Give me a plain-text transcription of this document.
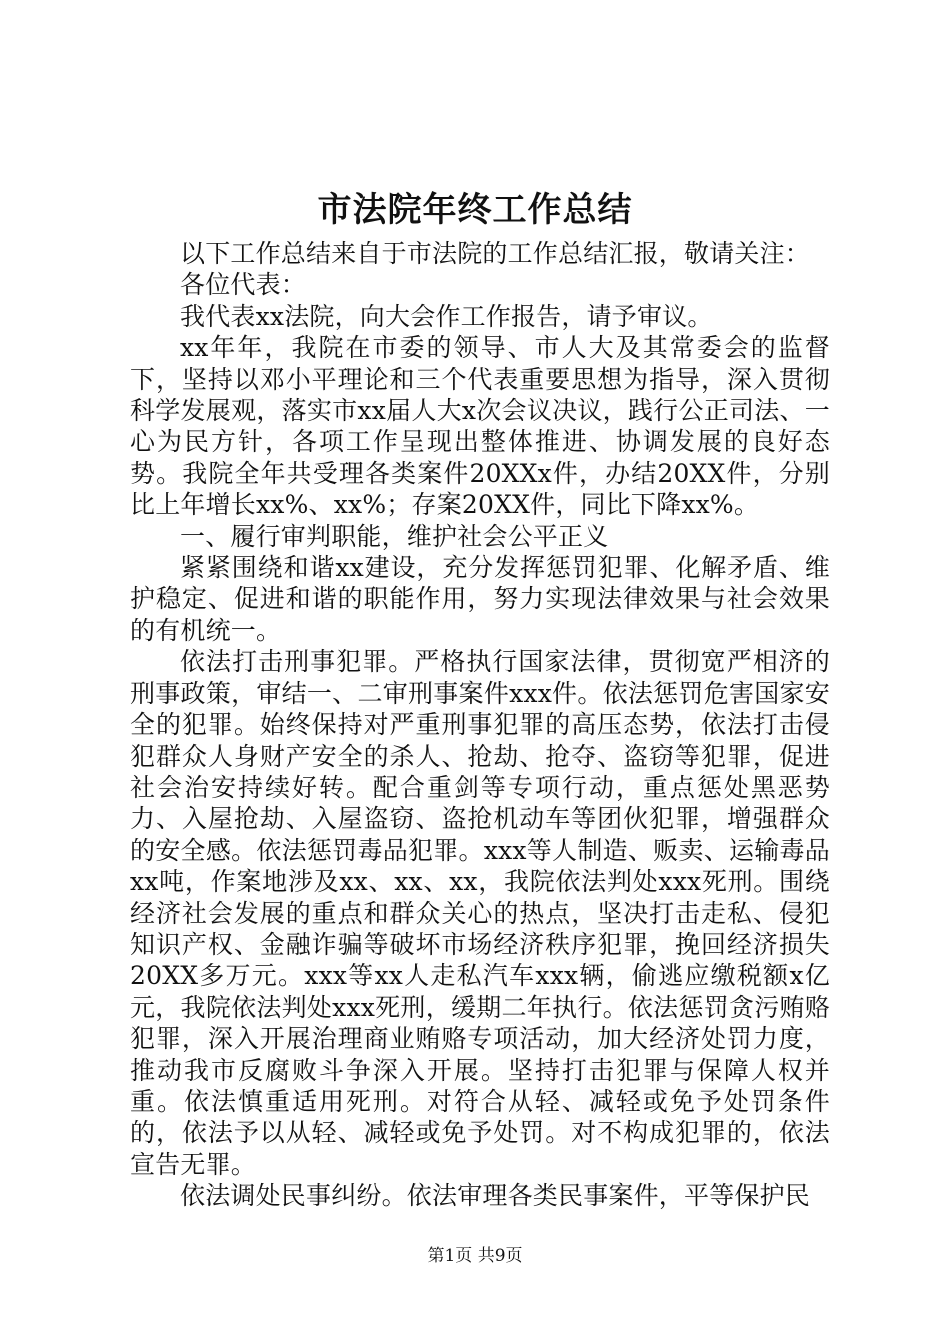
市法院年终工作总结

以下工作总结来自于市法院的工作总结汇报，敬请关注：

各位代表：

我代表xx法院，向大会作工作报告，请予审议。

xx年年，我院在市委的领导、市人大及其常委会的监督下，坚持以邓小平理论和三个代表重要思想为指导，深入贯彻科学发展观，落实市xx届人大x次会议决议，践行公正司法、一心为民方针，各项工作呈现出整体推进、协调发展的良好态势。我院全年共受理各类案件20XXx件，办结20XX件，分别比上年增长xx%、xx%；存案20XX件，同比下降xx%。

一、履行审判职能，维护社会公平正义

紧紧围绕和谐xx建设，充分发挥惩罚犯罪、化解矛盾、维护稳定、促进和谐的职能作用，努力实现法律效果与社会效果的有机统一。

依法打击刑事犯罪。严格执行国家法律，贯彻宽严相济的刑事政策，审结一、二审刑事案件xxx件。依法惩罚危害国家安全的犯罪。始终保持对严重刑事犯罪的高压态势，依法打击侵犯群众人身财产安全的杀人、抢劫、抢夺、盗窃等犯罪，促进社会治安持续好转。配合重剑等专项行动，重点惩处黑恶势力、入屋抢劫、入屋盗窃、盗抢机动车等团伙犯罪，增强群众的安全感。依法惩罚毒品犯罪。xxx等人制造、贩卖、运输毒品xx吨，作案地涉及xx、xx、xx，我院依法判处xxx死刑。围绕经济社会发展的重点和群众关心的热点，坚决打击走私、侵犯知识产权、金融诈骗等破坏市场经济秩序犯罪，挽回经济损失20XX多万元。xxx等xx人走私汽车xxx辆，偷逃应缴税额x亿元，我院依法判处xxx死刑，缓期二年执行。依法惩罚贪污贿赂犯罪，深入开展治理商业贿赂专项活动，加大经济处罚力度，推动我市反腐败斗争深入开展。坚持打击犯罪与保障人权并重。依法慎重适用死刑。对符合从轻、减轻或免予处罚条件的，依法予以从轻、减轻或免予处罚。对不构成犯罪的，依法宣告无罪。

依法调处民事纠纷。依法审理各类民事案件，平等保护民

第1页 共9页
